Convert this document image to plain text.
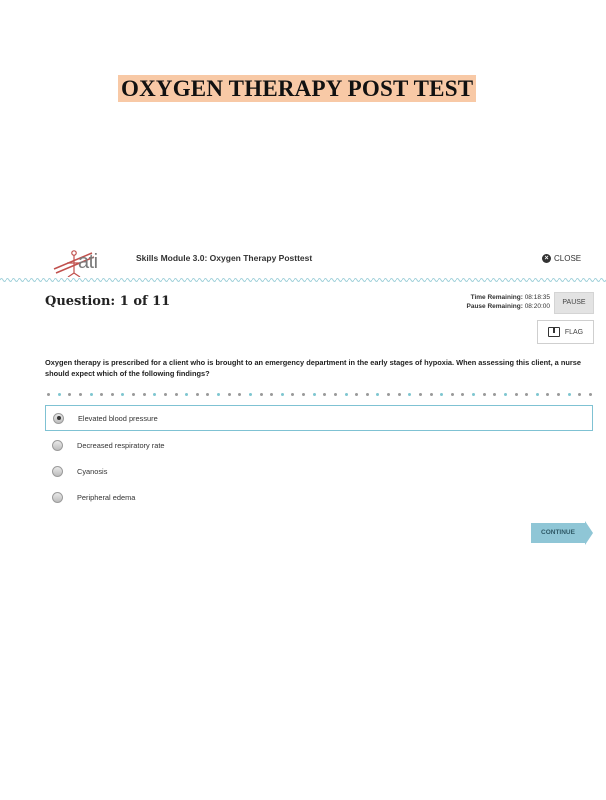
OXYGEN THERAPY POST TEST
ati	Skills Module 3.0: Oxygen Therapy Posttest	× CLOSE
Question: 1 of 11	Time Remaining: 08:18:35
Pause Remaining: 08:20:00
PAUSE
FLAG
Oxygen therapy is prescribed for a client who is brought to an emergency department in the early stages of hypoxia. When assessing this client, a nurse should expect which of the following findings?
Elevated blood pressure
Decreased respiratory rate
Cyanosis
Peripheral edema
CONTINUE
